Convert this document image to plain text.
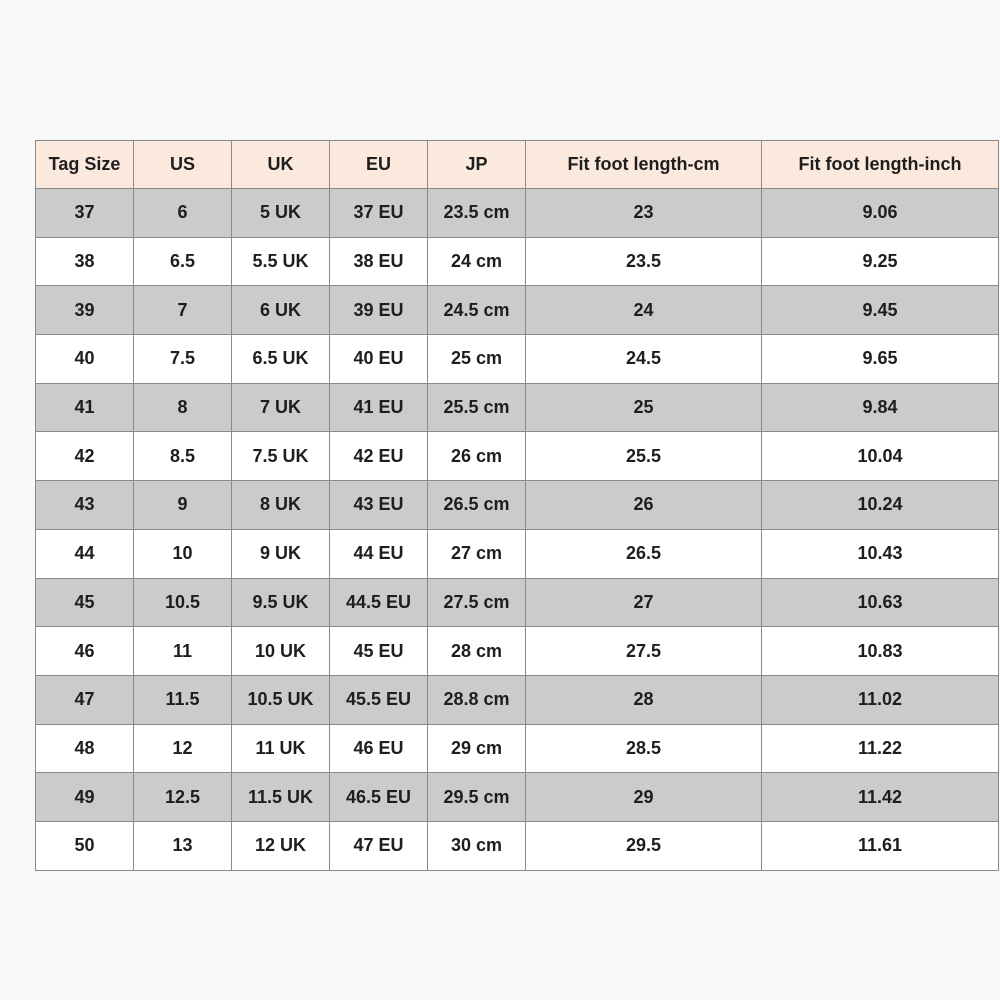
Tag Size	US	UK	EU	JP	Fit foot length-cm	Fit foot length-inch
37	6	5 UK	37 EU	23.5 cm	23	9.06
38	6.5	5.5 UK	38 EU	24 cm	23.5	9.25
39	7	6 UK	39 EU	24.5 cm	24	9.45
40	7.5	6.5 UK	40 EU	25 cm	24.5	9.65
41	8	7 UK	41 EU	25.5 cm	25	9.84
42	8.5	7.5 UK	42 EU	26 cm	25.5	10.04
43	9	8 UK	43 EU	26.5 cm	26	10.24
44	10	9 UK	44 EU	27 cm	26.5	10.43
45	10.5	9.5 UK	44.5 EU	27.5 cm	27	10.63
46	11	10 UK	45 EU	28 cm	27.5	10.83
47	11.5	10.5 UK	45.5 EU	28.8 cm	28	11.02
48	12	11 UK	46 EU	29 cm	28.5	11.22
49	12.5	11.5 UK	46.5 EU	29.5 cm	29	11.42
50	13	12 UK	47 EU	30 cm	29.5	11.61
